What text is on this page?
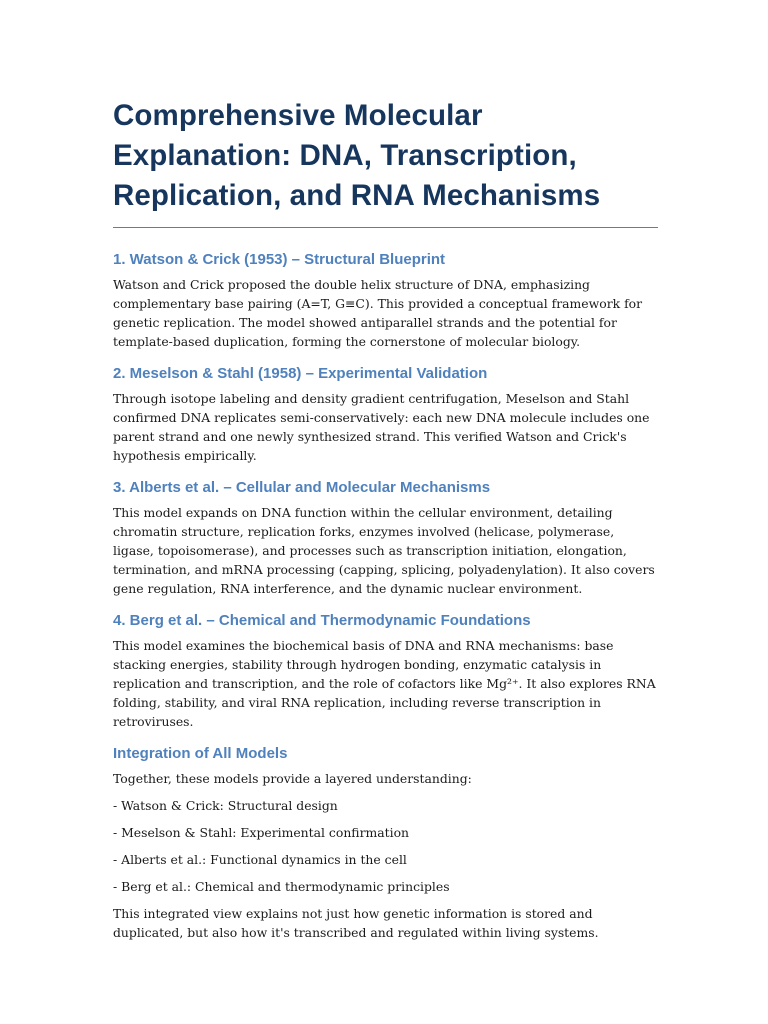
Comprehensive Molecular Explanation: DNA, Transcription, Replication, and RNA Mechanisms
1. Watson & Crick (1953) – Structural Blueprint

Watson and Crick proposed the double helix structure of DNA, emphasizing complementary base pairing (A=T, G≡C). This provided a conceptual framework for genetic replication. The model showed antiparallel strands and the potential for template-based duplication, forming the cornerstone of molecular biology.

2. Meselson & Stahl (1958) – Experimental Validation

Through isotope labeling and density gradient centrifugation, Meselson and Stahl confirmed DNA replicates semi-conservatively: each new DNA molecule includes one parent strand and one newly synthesized strand. This verified Watson and Crick's hypothesis empirically.

3. Alberts et al. – Cellular and Molecular Mechanisms

This model expands on DNA function within the cellular environment, detailing chromatin structure, replication forks, enzymes involved (helicase, polymerase, ligase, topoisomerase), and processes such as transcription initiation, elongation, termination, and mRNA processing (capping, splicing, polyadenylation). It also covers gene regulation, RNA interference, and the dynamic nuclear environment.

4. Berg et al. – Chemical and Thermodynamic Foundations

This model examines the biochemical basis of DNA and RNA mechanisms: base stacking energies, stability through hydrogen bonding, enzymatic catalysis in replication and transcription, and the role of cofactors like Mg²⁺. It also explores RNA folding, stability, and viral RNA replication, including reverse transcription in retroviruses.

Integration of All Models

Together, these models provide a layered understanding:

- Watson & Crick: Structural design

- Meselson & Stahl: Experimental confirmation

- Alberts et al.: Functional dynamics in the cell

- Berg et al.: Chemical and thermodynamic principles

This integrated view explains not just how genetic information is stored and duplicated, but also how it's transcribed and regulated within living systems.
